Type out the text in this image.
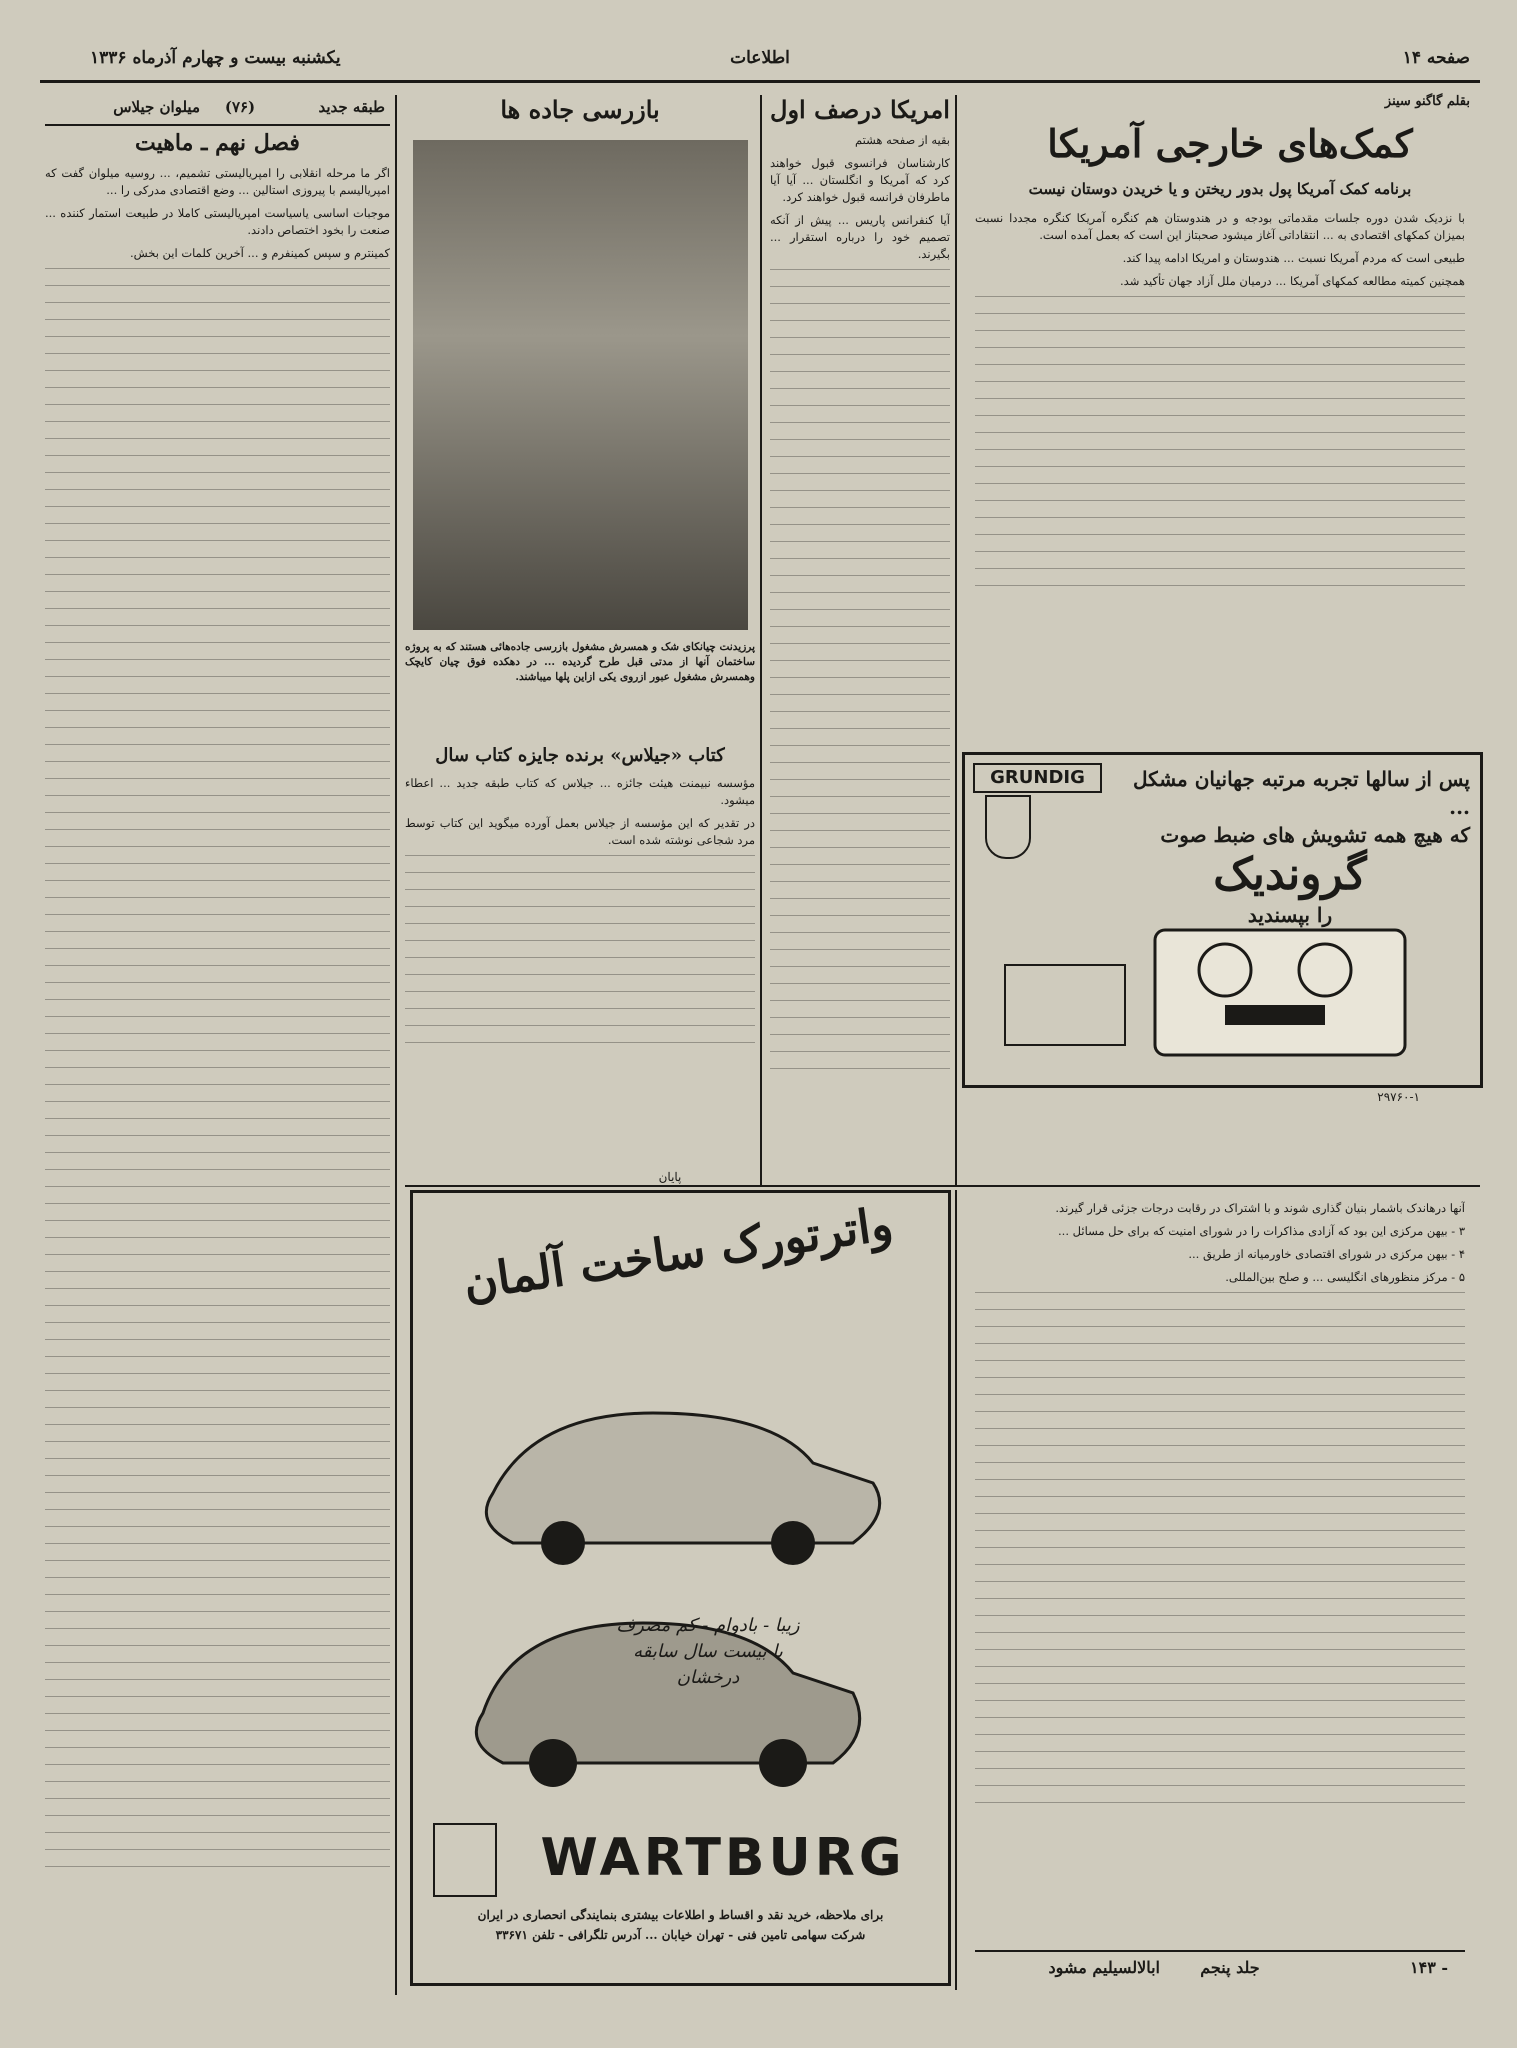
صفحه ۱۴
اطلاعات
یکشنبه بیست و چهارم آذرماه ۱۳۳۶
بقلم گاگنو سینز
کمک‌های خارجی آمریکا
برنامه کمک آمریکا پول بدور ریختن و یا خریدن دوستان نیست

با نزدیک شدن دوره جلسات مقدماتی بودجه و در هندوستان هم کنگره آمریکا کنگره مجددا نسبت بمیزان کمکهای اقتصادی به ... انتقاداتی آغاز میشود صحبتاز این است که بعمل آمده است.

طبیعی است که مردم آمریکا نسبت ... هندوستان و امریکا ادامه پیدا کند.

همچنین کمیته مطالعه کمکهای آمریکا ... درمیان ملل آزاد جهان تأکید شد.

GRUNDIG	پس از سالها تجربه مرتبه جهانیان مشکل ...
که هیچ همه تشویش های ضبط صوت
گروندیک
را بپسندید
۲۹۷۶۰-۱
امریکا درصف اول

بقیه از صفحه هشتم

کارشناسان فرانسوی قبول خواهند کرد که آمریکا و انگلستان ... آیا آیا ماطرفان فرانسه قبول خواهند کرد.

آیا کنفرانس پاریس ... پیش از آنکه تصمیم خود را درباره استقرار ... بگیرند.

بازرسی جاده ها
پرزیدنت چیانکای شک و همسرش مشغول بازرسی جاده‌هائی هستند که به پروژه ساختمان آنها از مدتی قبل طرح گردیده ... در دهکده فوق چیان کایچک وهمسرش مشغول عبور ازروی یکی ازاین پلها میباشند.
کتاب «جیلاس» برنده جایزه کتاب سال

مؤسسه نبیمنت هیئت جائزه ... جیلاس که کتاب طبقه جدید ... اعطاء میشود.

در تقدیر که این مؤسسه از جیلاس بعمل آورده میگوید این کتاب توسط مرد شجاعی نوشته شده است.

طبقه جدید
(۷۶)
میلوان جیلاس
فصل نهم ـ ماهیت

اگر ما مرحله انقلابی را امپریالیستی تشمیم، ... روسیه میلوان گفت که امپریالیسم با پیروزی استالین ... وضع اقتصادی مدرکی را ...

موجبات اساسی یاسیاست امپریالیستی کاملا در طبیعت استمار کننده ... صنعت را بخود اختصاص دادند.

کمینترم و سپس کمینفرم و ... آخرین کلمات این بخش.

آنها درهاندک باشمار بنیان گذاری شوند و با اشتراک در رقابت درجات جزئی قرار گیرند.

۳ - بیهن مرکزی این بود که آزادی مذاکرات را در شورای امنیت که برای حل مسائل ...

۴ - بیهن مرکزی در شورای اقتصادی خاورمیانه از طریق ...

۵ - مرکز منظورهای انگلیسی ... و صلح بین‌المللی.

۱۴۳ -
جلد پنجم
ابالالسیلیم مشود
پایان
واترتورک ساخت آلمان
زیبا - بادوام - کم مصرف
با بیست سال سابقه درخشان
WARTBURG
برای ملاحظه، خرید نقد و اقساط و اطلاعات بیشتری بنمایندگی انحصاری در ایران
شرکت سهامی تامین فنی - تهران خیابان ... آدرس تلگرافی - تلفن ۳۳۶۷۱
